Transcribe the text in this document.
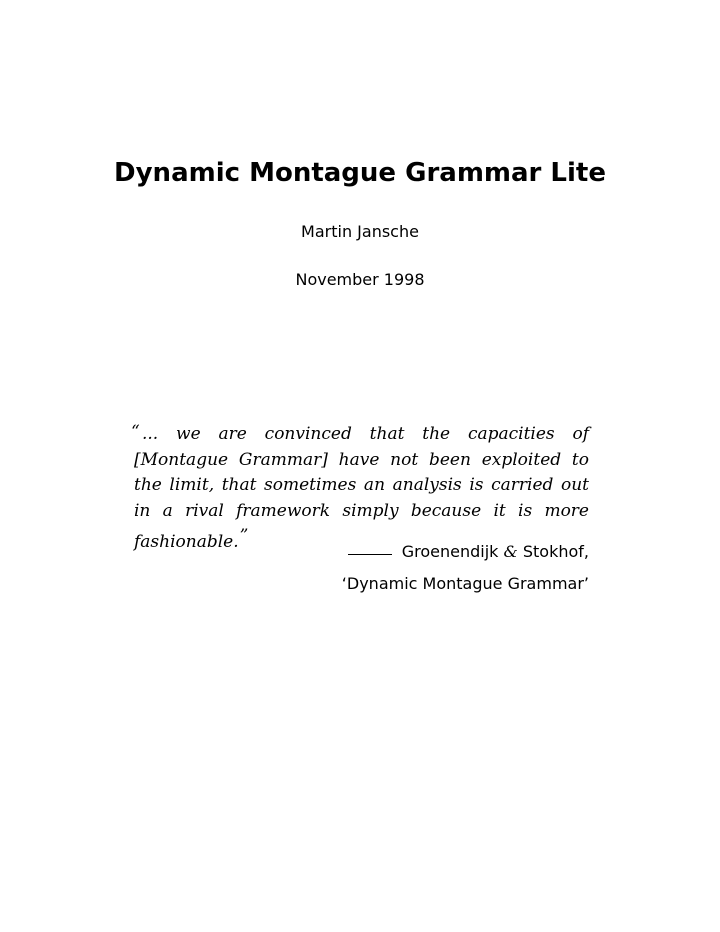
Dynamic Montague Grammar Lite
Martin Jansche
November 1998
“ ... we are convinced that the capacities of [Montague Grammar] have not been exploited to the limit, that sometimes an analysis is carried out in a rival framework simply because it is more fashionable.”
Groenendijk & Stokhof,
‘Dynamic Montague Grammar’
